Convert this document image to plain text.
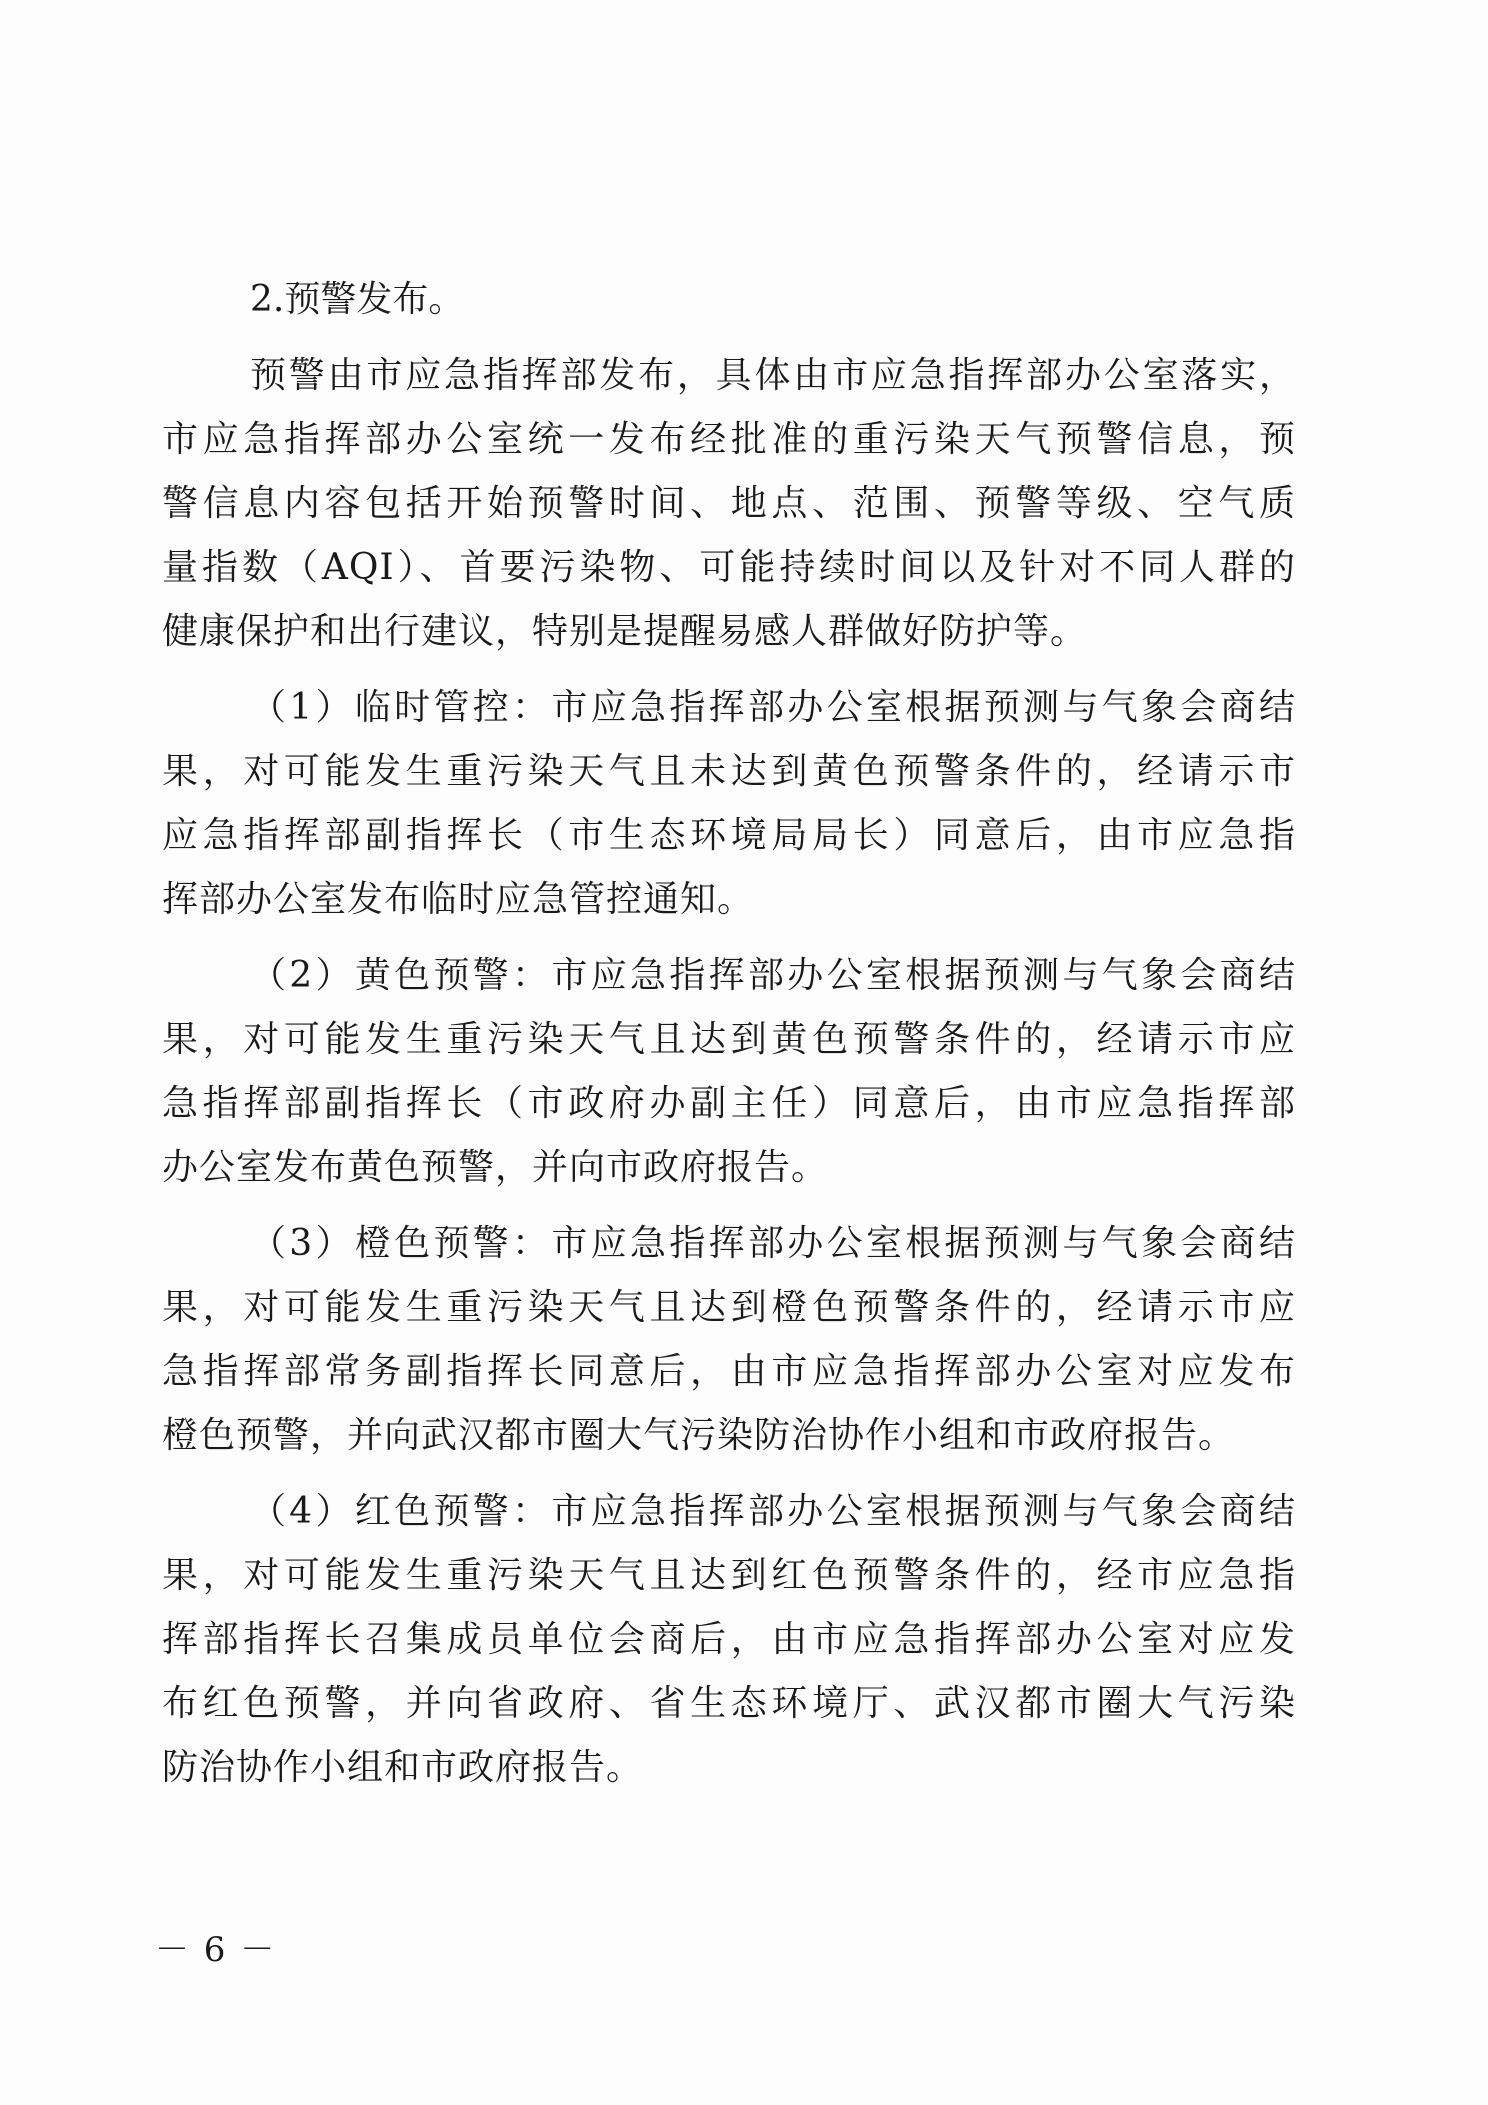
2.预警发布。
预警由市应急指挥部发布，具体由市应急指挥部办公室落实，
市应急指挥部办公室统一发布经批准的重污染天气预警信息，预
警信息内容包括开始预警时间、地点、范围、预警等级、空气质
量指数（AQI）、首要污染物、可能持续时间以及针对不同人群的
健康保护和出行建议，特别是提醒易感人群做好防护等。
（1）临时管控：市应急指挥部办公室根据预测与气象会商结
果，对可能发生重污染天气且未达到黄色预警条件的，经请示市
应急指挥部副指挥长（市生态环境局局长）同意后，由市应急指
挥部办公室发布临时应急管控通知。
（2）黄色预警：市应急指挥部办公室根据预测与气象会商结
果，对可能发生重污染天气且达到黄色预警条件的，经请示市应
急指挥部副指挥长（市政府办副主任）同意后，由市应急指挥部
办公室发布黄色预警，并向市政府报告。
（3）橙色预警：市应急指挥部办公室根据预测与气象会商结
果，对可能发生重污染天气且达到橙色预警条件的，经请示市应
急指挥部常务副指挥长同意后，由市应急指挥部办公室对应发布
橙色预警，并向武汉都市圈大气污染防治协作小组和市政府报告。
（4）红色预警：市应急指挥部办公室根据预测与气象会商结
果，对可能发生重污染天气且达到红色预警条件的，经市应急指
挥部指挥长召集成员单位会商后，由市应急指挥部办公室对应发
布红色预警，并向省政府、省生态环境厅、武汉都市圈大气污染
防治协作小组和市政府报告。
－ 6 －
